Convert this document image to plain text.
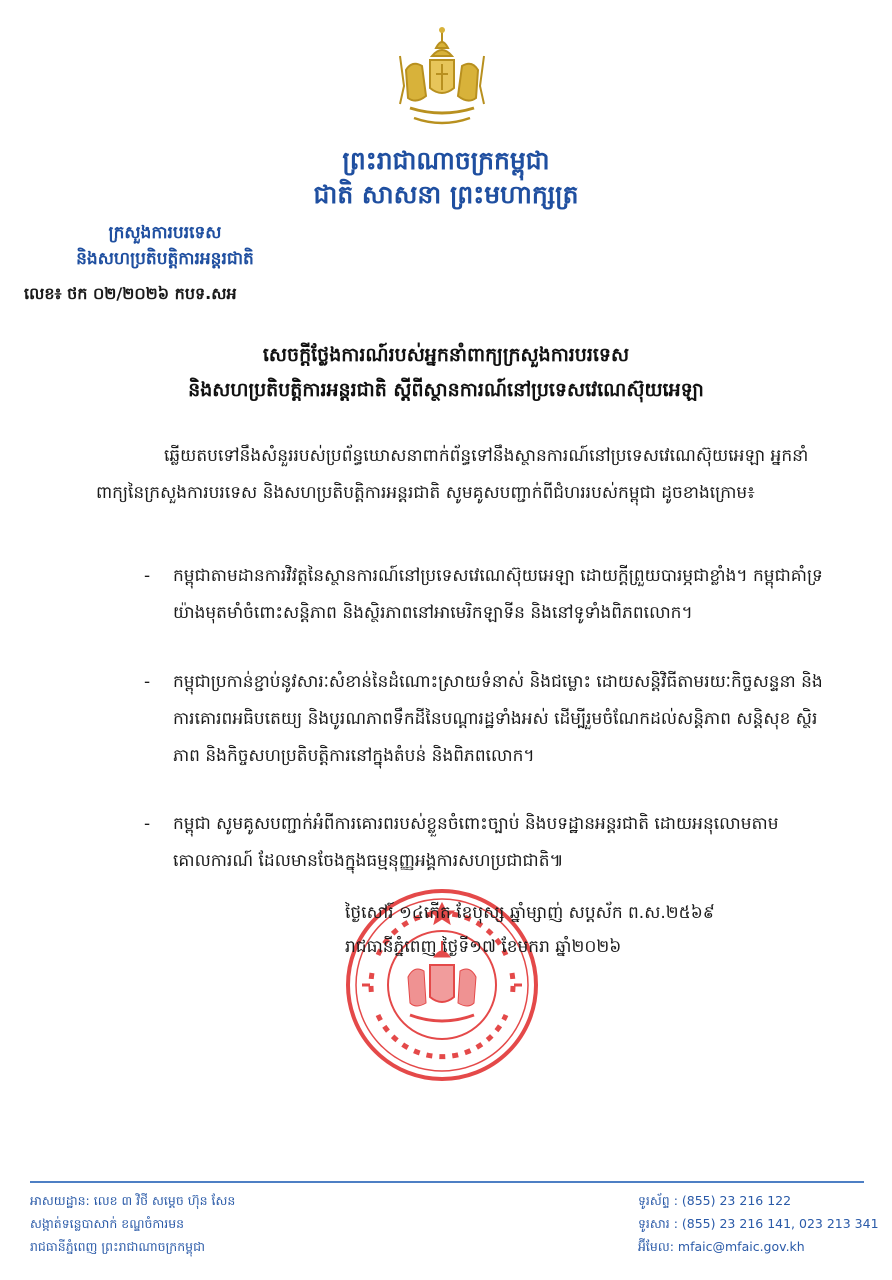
ព្រះរាជាណាចក្រកម្ពុជា
ជាតិ សាសនា ព្រះមហាក្សត្រ
ក្រសួងការបរទេស
និងសហប្រតិបត្តិការអន្តរជាតិ
លេខ៖ ថក ០២/២០២៦ កបទ.សអ
សេចក្ដីថ្លែងការណ៍របស់អ្នកនាំពាក្យក្រសួងការបរទេស
និងសហប្រតិបត្តិការអន្តរជាតិ ស្ដីពីស្ថានការណ៍នៅប្រទេសវេណេស៊ុយអេឡា
ឆ្លើយតបទៅនឹងសំនួររបស់ប្រព័ន្ធឃោសនាពាក់ព័ន្ធទៅនឹងស្ថានការណ៍នៅប្រទេសវេណេស៊ុយអេឡា អ្នកនាំពាក្យនៃក្រសួងការបរទេស និងសហប្រតិបត្តិការអន្តរជាតិ សូមគូសបញ្ជាក់ពីជំហររបស់កម្ពុជា ដូចខាងក្រោម៖
- កម្ពុជាតាមដានការវិវត្តនៃស្ថានការណ៍នៅប្រទេសវេណេស៊ុយអេឡា ដោយក្ដីព្រួយបារម្ភជាខ្លាំង។ កម្ពុជាគាំទ្រយ៉ាងមុតមាំចំពោះសន្តិភាព និងស្ថិរភាពនៅអាមេរិកឡាទីន និងនៅទូទាំងពិភពលោក។
- កម្ពុជាប្រកាន់ខ្ជាប់នូវសារៈសំខាន់នៃដំណោះស្រាយទំនាស់ និងជម្លោះ ដោយសន្តិវិធីតាមរយៈកិច្ចសន្ទនា និងការគោរពអធិបតេយ្យ និងបូរណភាពទឹកដីនៃបណ្ដារដ្ឋទាំងអស់ ដើម្បីរួមចំណែកដល់សន្តិភាព សន្តិសុខ ស្ថិរភាព និងកិច្ចសហប្រតិបត្តិការនៅក្នុងតំបន់ និងពិភពលោក។
- កម្ពុជា សូមគូសបញ្ជាក់អំពីការគោរពរបស់ខ្លួនចំពោះច្បាប់ និងបទដ្ឋានអន្តរជាតិ ដោយអនុលោមតាមគោលការណ៍ ដែលមានចែងក្នុងធម្មនុញ្ញអង្គការសហប្រជាជាតិ៕
ថ្ងៃសៅរ៍ ១៤កើត ខែបុស្ស ឆ្នាំម្សាញ់ សប្តស័ក ព.ស.២៥៦៩
រាជធានីភ្នំពេញ ថ្ងៃទី១៧ ខែមករា ឆ្នាំ២០២៦
អាសយដ្ឋាន: លេខ ៣ វិថី សម្ដេច ហ៊ុន សែន
សង្កាត់ទន្លេបាសាក់ ខណ្ឌចំការមន
រាជធានីភ្នំពេញ ព្រះរាជាណាចក្រកម្ពុជា
ទូរស័ព្ទ : (855) 23 216 122
ទូរសារ : (855) 23 216 141, 023 213 341
អ៊ីមែល: mfaic@mfaic.gov.kh
